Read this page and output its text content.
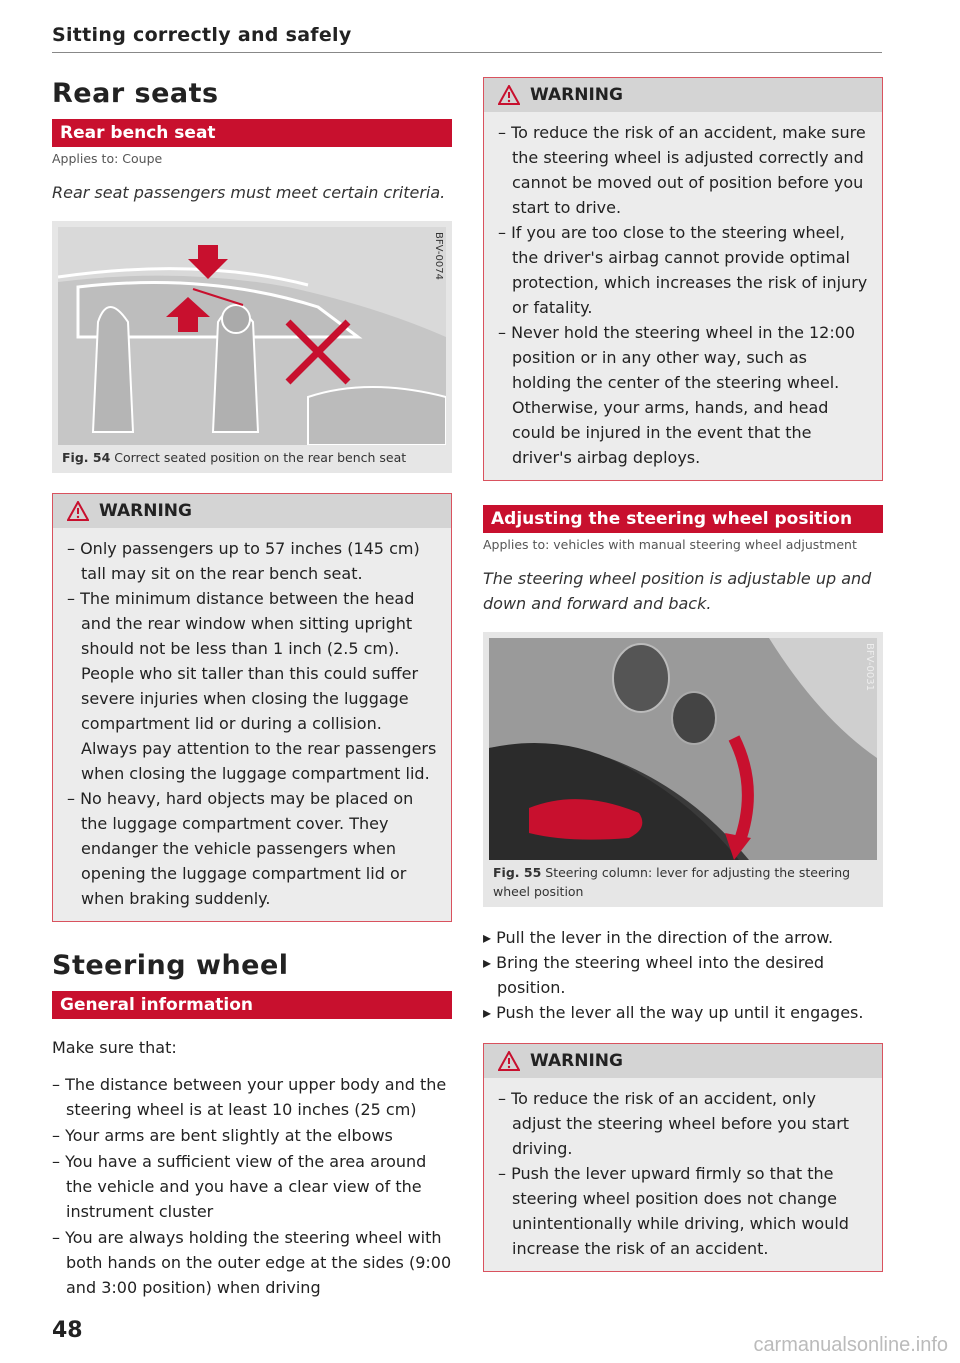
Sitting correctly and safely
Rear seats
Rear bench seat
Applies to: Coupe
Rear seat passengers must meet certain criteria.
BFV-0074
Fig. 54 Correct seated position on the rear bench seat
WARNING
– Only passengers up to 57 inches (145 cm) tall may sit on the rear bench seat.
– The minimum distance between the head and the rear window when sitting upright should not be less than 1 inch (2.5 cm). People who sit taller than this could suffer severe injuries when closing the luggage compartment lid or during a collision. Always pay attention to the rear passengers when closing the luggage compartment lid.
– No heavy, hard objects may be placed on the luggage compartment cover. They endanger the vehicle passengers when opening the luggage compartment lid or when braking suddenly.
Steering wheel
General information

Make sure that:

– The distance between your upper body and the steering wheel is at least 10 inches (25 cm)
– Your arms are bent slightly at the elbows
– You have a sufficient view of the area around the vehicle and you have a clear view of the instrument cluster
– You are always holding the steering wheel with both hands on the outer edge at the sides (9:00 and 3:00 position) when driving
WARNING
– To reduce the risk of an accident, make sure the steering wheel is adjusted correctly and cannot be moved out of position before you start to drive.
– If you are too close to the steering wheel, the driver's airbag cannot provide optimal protection, which increases the risk of injury or fatality.
– Never hold the steering wheel in the 12:00 position or in any other way, such as holding the center of the steering wheel. Otherwise, your arms, hands, and head could be injured in the event that the driver's airbag deploys.
Adjusting the steering wheel position
Applies to: vehicles with manual steering wheel adjustment
The steering wheel position is adjustable up and down and forward and back.
BFV-0031
Fig. 55 Steering column: lever for adjusting the steering wheel position
▸ Pull the lever in the direction of the arrow.
▸ Bring the steering wheel into the desired position.
▸ Push the lever all the way up until it engages.
WARNING
– To reduce the risk of an accident, only adjust the steering wheel before you start driving.
– Push the lever upward firmly so that the steering wheel position does not change unintentionally while driving, which would increase the risk of an accident.
48
carmanualsonline.info
